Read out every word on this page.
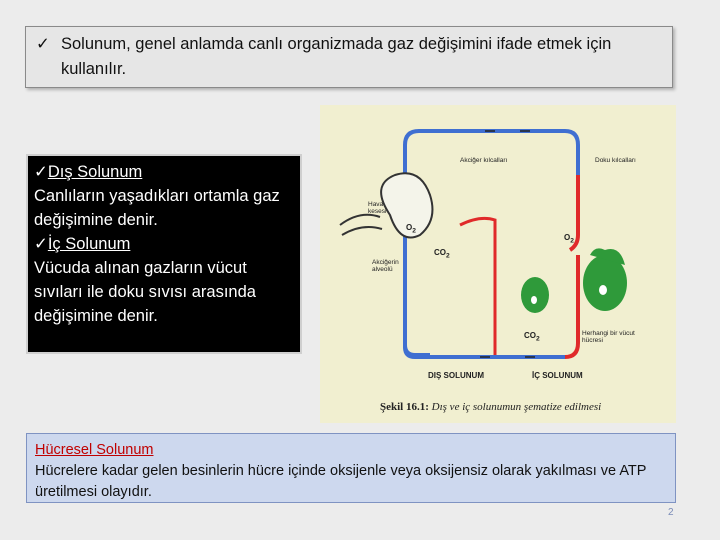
✓ Solunum, genel anlamda canlı organizmada gaz değişimini ifade etmek için kullanılır.
✓Dış Solunum
Canlıların yaşadıkları ortamla gaz değişimine denir.
✓İç Solunum
Vücuda alınan gazların vücut sıvıları ile doku sıvısı arasında değişimine denir.
Akciğer kılcalları	Doku kılcalları
Hava kesesi
$O_2$
$CO_2$
$O_2$
$CO_2$
Akciğerin alveolü
Herhangi bir vücut hücresi
DIŞ SOLUNUM	İÇ SOLUNUM
Şekil 16.1: Dış ve iç solunumun şematize edilmesi
Hücresel Solunum
Hücrelere kadar gelen besinlerin hücre içinde oksijenle veya oksijensiz olarak yakılması ve ATP üretilmesi olayıdır.
2
